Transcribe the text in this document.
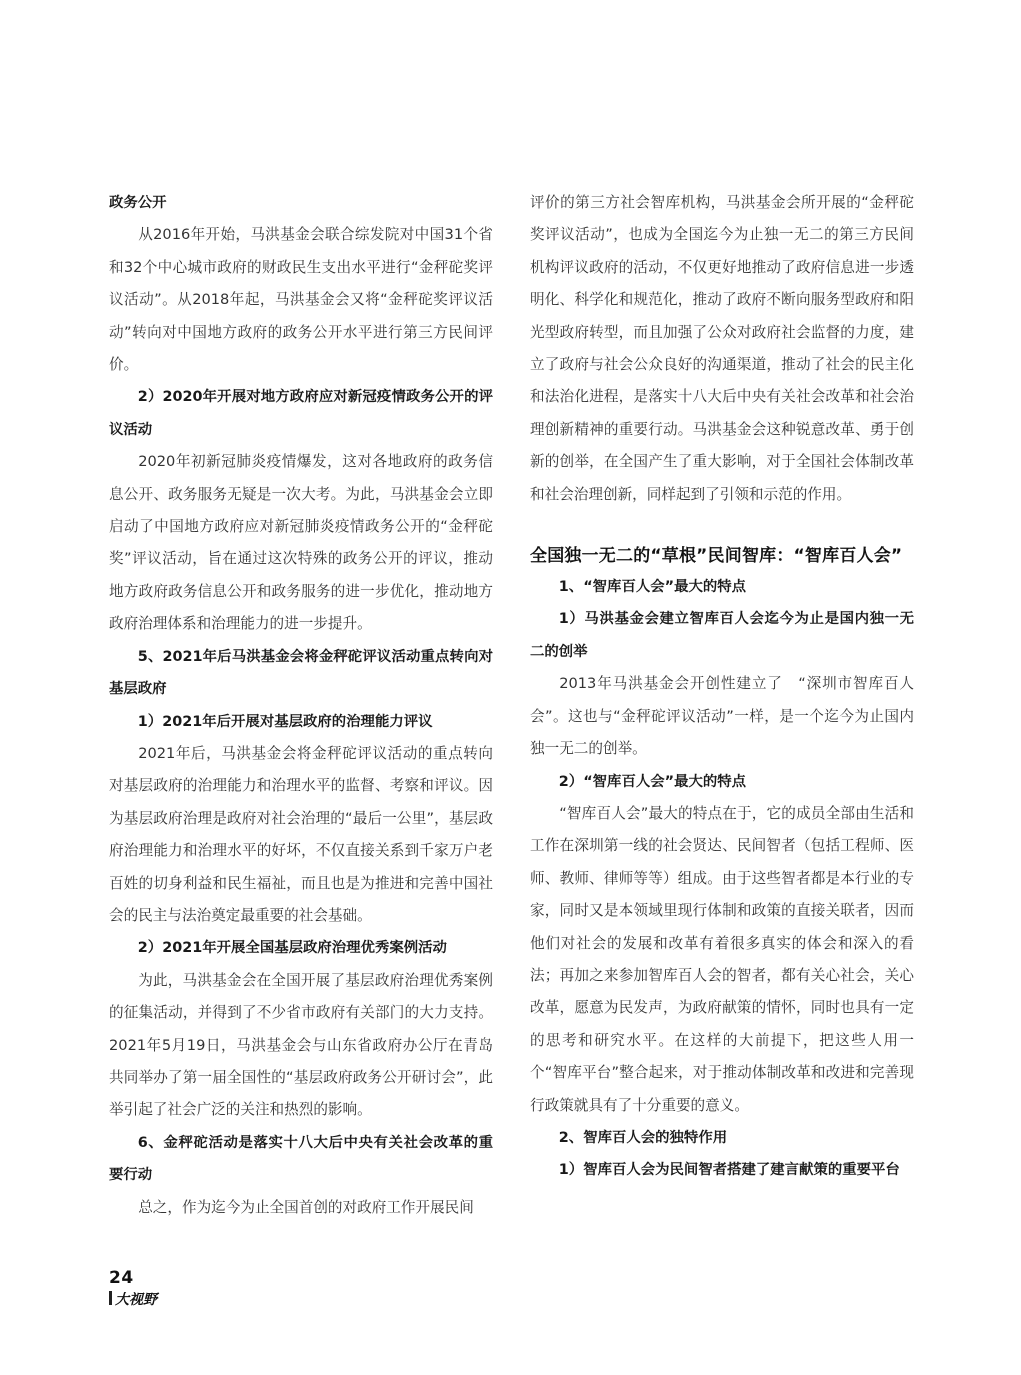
政务公开

从2016年开始，马洪基金会联合综发院对中国31个省和32个中心城市政府的财政民生支出水平进行“金秤砣奖评议活动”。从2018年起，马洪基金会又将“金秤砣奖评议活动”转向对中国地方政府的政务公开水平进行第三方民间评价。

2）2020年开展对地方政府应对新冠疫情政务公开的评议活动

2020年初新冠肺炎疫情爆发，这对各地政府的政务信息公开、政务服务无疑是一次大考。为此，马洪基金会立即启动了中国地方政府应对新冠肺炎疫情政务公开的“金秤砣奖”评议活动，旨在通过这次特殊的政务公开的评议，推动地方政府政务信息公开和政务服务的进一步优化，推动地方政府治理体系和治理能力的进一步提升。

5、2021年后马洪基金会将金秤砣评议活动重点转向对基层政府

1）2021年后开展对基层政府的治理能力评议

2021年后，马洪基金会将金秤砣评议活动的重点转向对基层政府的治理能力和治理水平的监督、考察和评议。因为基层政府治理是政府对社会治理的“最后一公里”，基层政府治理能力和治理水平的好坏，不仅直接关系到千家万户老百姓的切身利益和民生福祉，而且也是为推进和完善中国社会的民主与法治奠定最重要的社会基础。

2）2021年开展全国基层政府治理优秀案例活动

为此，马洪基金会在全国开展了基层政府治理优秀案例的征集活动，并得到了不少省市政府有关部门的大力支持。2021年5月19日，马洪基金会与山东省政府办公厅在青岛共同举办了第一届全国性的“基层政府政务公开研讨会”，此举引起了社会广泛的关注和热烈的影响。

6、金秤砣活动是落实十八大后中央有关社会改革的重要行动

总之，作为迄今为止全国首创的对政府工作开展民间

评价的第三方社会智库机构，马洪基金会所开展的“金秤砣奖评议活动”，也成为全国迄今为止独一无二的第三方民间机构评议政府的活动，不仅更好地推动了政府信息进一步透明化、科学化和规范化，推动了政府不断向服务型政府和阳光型政府转型，而且加强了公众对政府社会监督的力度，建立了政府与社会公众良好的沟通渠道，推动了社会的民主化和法治化进程，是落实十八大后中央有关社会改革和社会治理创新精神的重要行动。马洪基金会这种锐意改革、勇于创新的创举，在全国产生了重大影响，对于全国社会体制改革和社会治理创新，同样起到了引领和示范的作用。

全国独一无二的“草根”民间智库：“智库百人会”

1、“智库百人会”最大的特点

1）马洪基金会建立智库百人会迄今为止是国内独一无二的创举

2013年马洪基金会开创性建立了　“深圳市智库百人会”。这也与“金秤砣评议活动”一样，是一个迄今为止国内独一无二的创举。

2）“智库百人会”最大的特点

“智库百人会”最大的特点在于，它的成员全部由生活和工作在深圳第一线的社会贤达、民间智者（包括工程师、医师、教师、律师等等）组成。由于这些智者都是本行业的专家，同时又是本领域里现行体制和政策的直接关联者，因而他们对社会的发展和改革有着很多真实的体会和深入的看法；再加之来参加智库百人会的智者，都有关心社会，关心改革，愿意为民发声，为政府献策的情怀，同时也具有一定的思考和研究水平。在这样的大前提下，把这些人用一个“智库平台”整合起来，对于推动体制改革和改进和完善现行政策就具有了十分重要的意义。

2、智库百人会的独特作用

1）智库百人会为民间智者搭建了建言献策的重要平台

24
大视野
